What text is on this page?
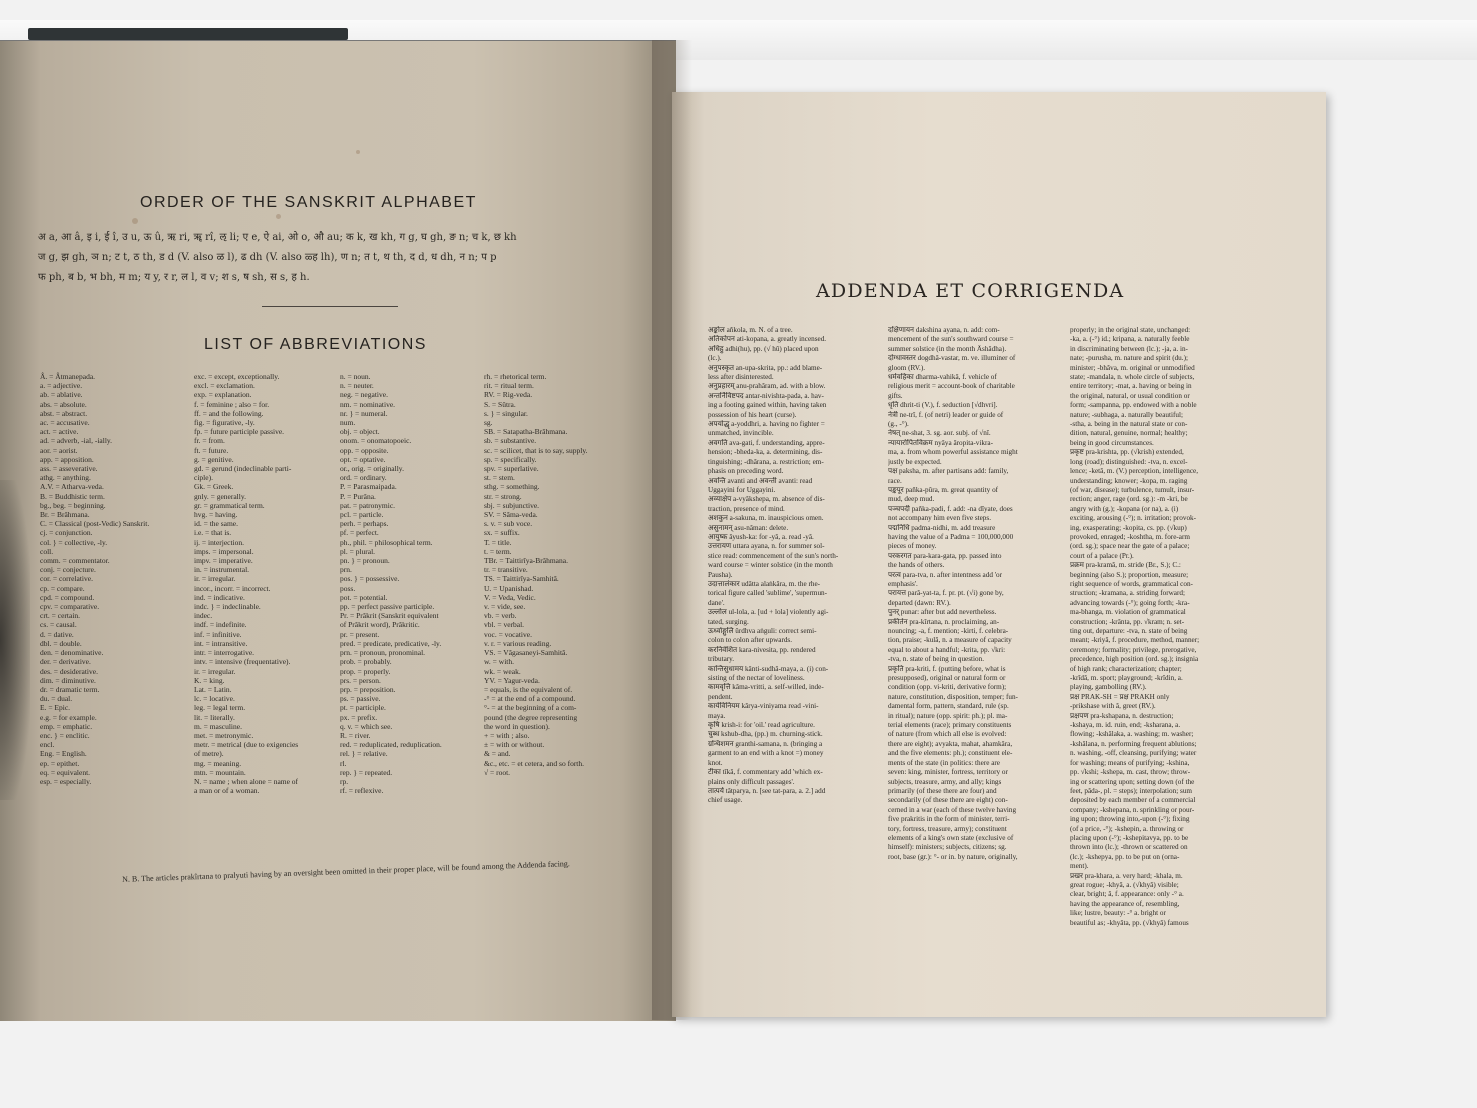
ORDER OF THE SANSKRIT ALPHABET
अ a, आ â, इ i, ई î, उ u, ऊ û, ऋ ri, ॠ rî, ऌ li; ए e, ऐ ai, ओ o, औ au; क k, ख kh, ग g, घ gh, ङ n; च k, छ kh
ज g, झ gh, ञ n; ट t, ठ th, ड d (V. also ळ l), ढ dh (V. also ळ्ह lh), ण n; त t, थ th, द d, ध dh, न n; प p
फ ph, ब b, भ bh, म m; य y, र r, ल l, व v; श s, ष sh, स s, ह h.
LIST OF ABBREVIATIONS
Â. = Âtmanepada.
a. = adjective.
ab. = ablative.
abs. = absolute.
abst. = abstract.
ac. = accusative.
act. = active.
ad. = adverb, -ial, -ially.
aor. = aorist.
app. = apposition.
ass. = asseverative.
athg. = anything.
A.V. = Atharva-veda.
B. = Buddhistic term.
bg., beg. = beginning.
Br. = Brâhmana.
C. = Classical (post-Vedic) Sanskrit.
cj. = conjunction.
col. } = collective, -ly.
coll.
comm. = commentator.
conj. = conjecture.
cor. = correlative.
cp. = compare.
cpd. = compound.
cpv. = comparative.
crt. = certain.
cs. = causal.
d. = dative.
dbl. = double.
den. = denominative.
der. = derivative.
des. = desiderative.
dim. = diminutive.
dr. = dramatic term.
du. = dual.
E. = Epic.
e.g. = for example.
emp. = emphatic.
enc. } = enclitic.
encl.
Eng. = English.
ep. = epithet.
eq. = equivalent.
esp. = especially.
exc. = except, exceptionally.
excl. = exclamation.
exp. = explanation.
f. = feminine ; also = for.
ff. = and the following.
fig. = figurative, -ly.
fp. = future participle passive.
fr. = from.
ft. = future.
g. = genitive.
gd. = gerund (indeclinable parti-
ciple).
Gk. = Greek.
gnly. = generally.
gr. = grammatical term.
hvg. = having.
id. = the same.
i.e. = that is.
ij. = interjection.
imps. = impersonal.
impv. = imperative.
in. = instrumental.
ir. = irregular.
incor., incorr. = incorrect.
ind. = indicative.
indc. } = indeclinable.
indec.
indf. = indefinite.
inf. = infinitive.
int. = intransitive.
intr. = interrogative.
intv. = intensive (frequentative).
ir. = irregular.
K. = king.
Lat. = Latin.
lc. = locative.
leg. = legal term.
lit. = literally.
m. = masculine.
met. = metronymic.
metr. = metrical (due to exigencies
of metre).
mg. = meaning.
mtn. = mountain.
N. = name ; when alone = name of
a man or of a woman.
n. = noun.
n. = neuter.
neg. = negative.
nm. = nominative.
nr. } = numeral.
num.
obj. = object.
onom. = onomatopoeic.
opp. = opposite.
opt. = optative.
or., orig. = originally.
ord. = ordinary.
P. = Parasmaipada.
P. = Purâna.
pat. = patronymic.
pcl. = particle.
perh. = perhaps.
pf. = perfect.
ph., phil. = philosophical term.
pl. = plural.
pn. } = pronoun.
prn.
pos. } = possessive.
poss.
pot. = potential.
pp. = perfect passive participle.
Pr. = Prâkrit (Sanskrit equivalent
of Prâkrit word), Prâkritic.
pr. = present.
pred. = predicate, predicative, -ly.
prn. = pronoun, pronominal.
prob. = probably.
prop. = properly.
prs. = person.
prp. = preposition.
ps. = passive.
pt. = participle.
px. = prefix.
q. v. = which see.
R. = river.
red. = reduplicated, reduplication.
rel. } = relative.
rl.
rep. } = repeated.
rp.
rf. = reflexive.
rh. = rhetorical term.
rit. = ritual term.
RV. = Rig-veda.
S. = Sûtra.
s. } = singular.
sg.
SB. = Satapatha-Brâhmana.
sb. = substantive.
sc. = scilicet, that is to say, supply.
sp. = specifically.
spv. = superlative.
st. = stem.
sthg. = something.
str. = strong.
sbj. = subjunctive.
SV. = Sâma-veda.
s. v. = sub voce.
sx. = suffix.
T. = title.
t. = term.
TBr. = Taittirîya-Brâhmana.
tr. = transitive.
TS. = Taittirîya-Samhitâ.
U. = Upanishad.
V. = Veda, Vedic.
v. = vide, see.
vb. = verb.
vbl. = verbal.
voc. = vocative.
v. r. = various reading.
VS. = Vâgasaneyi-Samhitâ.
w. = with.
wk. = weak.
YV. = Yagur-veda.
= equals, is the equivalent of.
-° = at the end of a compound.
°- = at the beginning of a com-
pound (the degree representing
the word in question).
+ = with ; also.
± = with or without.
& = and.
&c., etc. = et cetera, and so forth.
√ = root.
N. B. The articles prakîrtana to pralyuti having by an oversight been omitted in their proper place, will be found among the Addenda facing.
ADDENDA ET CORRIGENDA
अङ्कोल añkola, m. N. of a tree.
अतिकोपन ati-kopana, a. greatly incensed.
अधिहु adhi(hu), pp. (√ hû) placed upon
(lc.).
अनुपस्कृत an-upa-skrita, pp.: add blame-
less after disinterested.
अनुप्रहारम् anu-prahâram, ad. with a blow.
अन्तर्निविष्टपद antar-nivishta-pada, a. hav-
ing a footing gained within, having taken
possession of his heart (curse).
अपयोद्धृ a-yoddhri, a. having no fighter =
unmatched, invincible.
अवगति ava-gati, f. understanding, appre-
hension; -bheda-ka, a. determining, dis-
tinguishing; -dhârana, a. restriction; em-
phasis on preceding word.
अवन्ति avanti and अवन्ती avanti: read
Uggayini for Uggayini.
अव्याक्षेप a-vyâkshepa, m. absence of dis-
traction, presence of mind.
अशकुन a-sakuna, m. inauspicious omen.
असुनामन् asu-nâman: delete.
आयुष्क âyush-ka: for -yâ, a. read -yâ.
उत्तरायण uttara ayana, n. for summer sol-
stice read: commencement of the sun's north-
ward course = winter solstice (in the month
Pausha).
उदात्तालंकार udâtta alaṅkâra, m. the rhe-
torical figure called 'sublime', 'supermun-
dane'.
उल्लोल ul-lola, a. [ud + lola] violently agi-
tated, surging.
ऊर्ध्वाङ्गुलि ûrdhva aṅguli: correct semi-
colon to colon after upwards.
करनिवेशित kara-nivesita, pp. rendered
tributary.
कान्तिसुधामय kânti-sudhâ-maya, a. (i) con-
sisting of the nectar of loveliness.
कामवृत्ति kâma-vritti, a. self-willed, inde-
pendent.
कार्यविनियम kârya-viniyama read -vini-
maya.
कृषि krish-i: for 'oil.' read agriculture.
चुब्ध kshub-dha, (pp.) m. churning-stick.
ग्रन्थिशमन granthi-samana, n. (bringing a
garment to an end with a knot =) money
knot.
टीका tîkâ, f. commentary add 'which ex-
plains only difficult passages'.
तात्पर्य tâtparya, n. [see tat-para, a. 2.] add
chief usage.
दक्षिणायन dakshina ayana, n. add: com-
mencement of the sun's southward course =
summer solstice (in the month Âshâdha).
दोग्धावस्तर dogdhâ-vastar, m. ve. illuminer of
gloom (RV.).
धर्मवहिका dharma-vahikâ, f. vehicle of
religious merit = account-book of charitable
gifts.
धृति dhrit-ti (V.), f. seduction [√dhvri].
नेत्री ne-trî, f. (of netri) leader or guide of
(g., -°).
नेषत् ne-shat, 3. sg. aor. subj. of √nî.
न्यायारोपितविक्रम nyâya âropita-vikra-
ma, a. from whom powerful assistance might
justly be expected.
पक्ष paksha, m. after partisans add: family,
race.
पङ्कपूर pañka-pûra, m. great quantity of
mud, deep mud.
पञ्चपदी pañka-padi, f. add: -na dîyate, does
not accompany him even five steps.
पद्मनिधि padma-nidhi, m. add treasure
having the value of a Padma = 100,000,000
pieces of money.
परकरगत para-kara-gata, pp. passed into
the hands of others.
परत्व para-tva, n. after intentness add 'or
emphasis'.
परायत्त parâ-yat-ta, f. pr. pt. (√i) gone by,
departed (dawn: RV.).
पुनर् punar: after but add nevertheless.
प्रकीर्तन pra-kîrtana, n. proclaiming, an-
nouncing; -a, f. mention; -kirti, f. celebra-
tion, praise; -kulâ, n. a measure of capacity
equal to about a handful; -krita, pp. √kri:
-tva, n. state of being in question.
प्रकृति pra-kriti, f. (putting before, what is
presupposed), original or natural form or
condition (opp. vi-kriti, derivative form);
nature, constitution, disposition, temper; fun-
damental form, pattern, standard, rule (sp.
in ritual); nature (opp. spirit: ph.); pl. ma-
terial elements (race); primary constituents
of nature (from which all else is evolved:
there are eight); avyakta, mahat, ahamkâra,
and the five elements: ph.); constituent ele-
ments of the state (in politics: there are
seven: king, minister, fortress, territory or
subjects, treasure, army, and ally; kings
primarily (of these there are four) and
secondarily (of these there are eight) con-
cerned in a war (each of these twelve having
five prakritis in the form of minister, terri-
tory, fortress, treasure, army); constituent
elements of a king's own state (exclusive of
himself): ministers; subjects, citizens; sg.
root, base (gr.): °- or in. by nature, originally,
properly; in the original state, unchanged:
-ka, a. (-°) id.; kripana, a. naturally feeble
in discriminating between (lc.); -ja, a. in-
nate; -purusha, m. nature and spirit (du.);
minister; -bhâva, m. original or unmodified
state; -mandala, n. whole circle of subjects,
entire territory; -mat, a. having or being in
the original, natural, or usual condition or
form; -sampanna, pp. endowed with a noble
nature; -subhaga, a. naturally beautiful;
-stha, a. being in the natural state or con-
dition, natural, genuine, normal; healthy;
being in good circumstances.
प्रकृष्ट pra-krishta, pp. (√krish) extended,
long (road); distinguished: -tva, n. excel-
lence; -ketâ, m. (V.) perception, intelligence,
understanding; knower; -kopa, m. raging
(of war, disease); turbulence, tumult, insur-
rection; anger, rage (ord. sg.): -m -kri, be
angry with (g.); -kopana (or na), a. (i)
exciting, arousing (-°); n. irritation; provok-
ing, exasperating; -kopita, cs. pp. (√kup)
provoked, enraged; -koshtha, m. fore-arm
(ord. sg.); space near the gate of a palace;
court of a palace (Pr.).
प्रक्रम pra-kramâ, m. stride (Br., S.); C.:
beginning (also S.); proportion, measure;
right sequence of words, grammatical con-
struction; -kramana, a. striding forward;
advancing towards (-°); going forth; -kra-
ma-bhanga, m. violation of grammatical
construction; -krânta, pp. √kram; n. set-
ting out, departure: -tva, n. state of being
meant; -kriyâ, f. procedure, method, manner;
ceremony; formality; privilege, prerogative,
precedence, high position (ord. sg.); insignia
of high rank; characterization; chapter;
-krîdâ, m. sport; playground; -krîdin, a.
playing, gambolling (RV.).
प्रक्ष PRAK-SH = प्रक्ष PRAKH only
-prikshase with â, greet (RV.).
प्रक्षपण pra-kshapana, n. destruction;
-kshaya, m. id. ruin, end; -ksharana, a.
flowing; -kshâlaka, a. washing; m. washer;
-kshâlana, n. performing frequent ablutions;
n. washing, -off, cleansing, purifying; water
for washing; means of purifying; -kshina,
pp. √kshi; -kshepa, m. cast, throw; throw-
ing or scattering upon; setting down (of the
feet, pâda-, pl. = steps); interpolation; sum
deposited by each member of a commercial
company; -kshepana, n. sprinkling or pour-
ing upon; throwing into,-upon (-°); fixing
(of a price, -°); -kshepin, a. throwing or
placing upon (-°); -kshepitavya, pp. to be
thrown into (lc.); -thrown or scattered on
(lc.); -kshepya, pp. to be put on (orna-
ment).
प्रखर pra-khara, a. very hard; -khala, m.
great rogue; -khyâ, a. (√khyâ) visible;
clear, bright; â, f. appearance: only -° a.
having the appearance of, resembling,
like; lustre, beauty: -° a. bright or
beautiful as; -khyâta, pp. (√khyâ) famous
